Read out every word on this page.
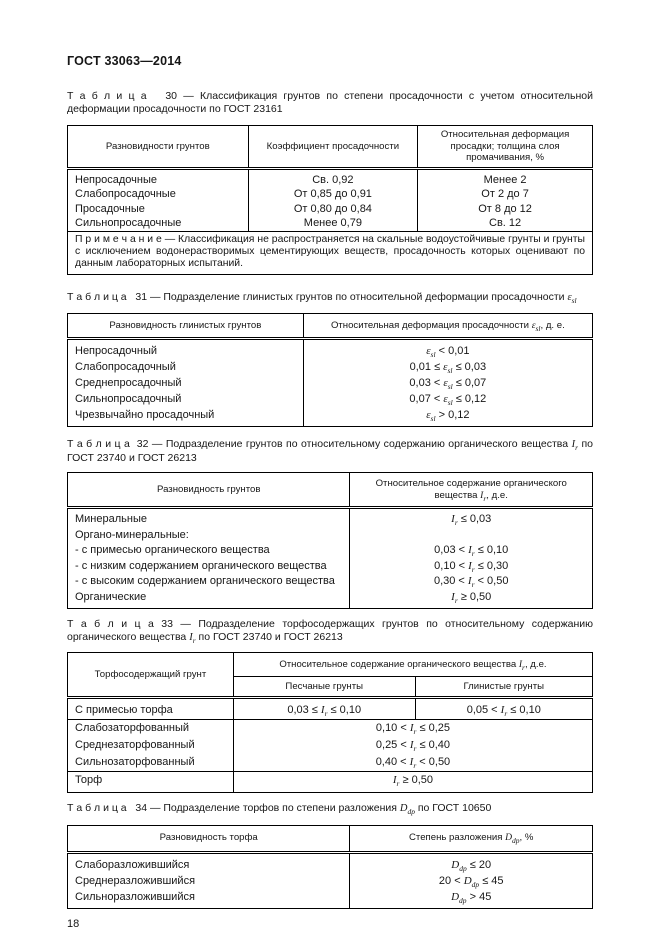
ГОСТ 33063—2014

Т а б л и ц а   30 — Классификация грунтов по степени просадочности с учетом относительной деформации просадочности по ГОСТ 23161

Разновидности грунтов	Коэффициент просадочности	Относительная деформация просадки; толщина слоя промачивания, %
Непросадочные	Св. 0,92	Менее 2
Слабопросадочные	От 0,85 до 0,91	От 2 до 7
Просадочные	От 0,80 до 0,84	От 8 до 12
Сильнопросадочные	Менее 0,79	Св. 12
П р и м е ч а н и е — Классификация не распространяется на скальные водоустойчивые грунты и грунты с исключением водонерастворимых цементирующих веществ, просадочность которых оценивают по данным лабораторных испытаний.		

Т а б л и ц а   31 — Подразделение глинистых грунтов по относительной деформации просадочности $\varepsilon_{sl}$

Разновидность глинистых грунтов	Относительная деформация просадочности $\varepsilon_{sl}$, д. е.
Непросадочный	$\varepsilon_{sl} < 0,01$
Слабопросадочный	$0,01 \le \varepsilon_{sl} \le 0,03$
Среднепросадочный	$0,03 < \varepsilon_{sl} \le 0,07$
Сильнопросадочный	$0,07 < \varepsilon_{sl} \le 0,12$
Чрезвычайно просадочный	$\varepsilon_{sl} > 0,12$

Т а б л и ц а  32 — Подразделение грунтов по относительному содержанию органического вещества $I_r$ по ГОСТ 23740 и ГОСТ 26213

Разновидность грунтов	Относительное содержание органического вещества $I_r$, д.е.
Минеральные	$I_r \le 0,03$
Органо-минеральные:	
- с примесью органического вещества	$0,03 < I_r \le 0,10$
- с низким содержанием органического вещества	$0,10 < I_r \le 0,30$
- с высоким содержанием органического вещества	$0,30 < I_r < 0,50$
Органические	$I_r \ge 0,50$

Т а б л и ц а 33 — Подразделение торфосодержащих грунтов по относительному содержанию органического вещества $I_r$ по ГОСТ 23740 и ГОСТ 26213

Торфосодержащий грунт	Относительное содержание органического вещества $I_r$, д.е.	
	Песчаные грунты	Глинистые грунты
С примесью торфа	$0,03 \le I_r \le 0,10$	$0,05 < I_r \le 0,10$
Слабозаторфованный	$0,10 < I_r \le 0,25$	
Среднезаторфованный	$0,25 < I_r \le 0,40$	
Сильнозаторфованный	$0,40 < I_r < 0,50$	
Торф	$I_r \ge 0,50$	

Т а б л и ц а   34 — Подразделение торфов по степени разложения $D_{dp}$ по ГОСТ 10650

Разновидность торфа	Степень разложения $D_{dp}$, %
Слаборазложившийся	$D_{dp} \le 20$
Среднеразложившийся	$20 < D_{dp} \le 45$
Сильноразложившийся	$D_{dp} > 45$
18
